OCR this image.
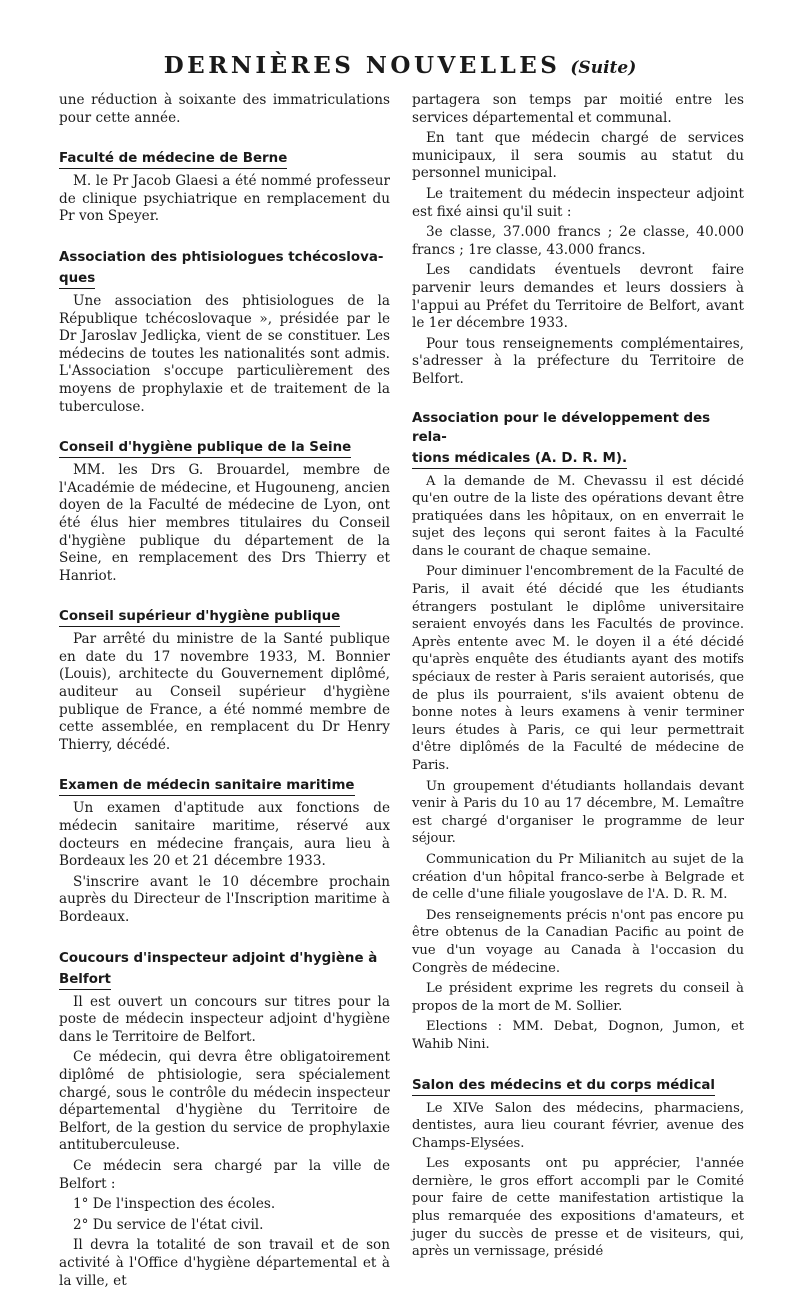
DERNIÈRES NOUVELLES (Suite)

une réduction à soixante des immatriculations pour cette année.

Faculté de médecine de Berne

M. le Pr Jacob Glaesi a été nommé professeur de clinique psychiatrique en remplacement du Pr von Speyer.

Association des phtisiologues tchécoslova-
ques

Une association des phtisiologues de la République tchécoslovaque », présidée par le Dr Jaroslav Jedliçka, vient de se constituer. Les médecins de toutes les nationalités sont admis. L'Association s'occupe particulièrement des moyens de prophylaxie et de traitement de la tuberculose.

Conseil d'hygiène publique de la Seine

MM. les Drs G. Brouardel, membre de l'Académie de médecine, et Hugouneng, ancien doyen de la Faculté de médecine de Lyon, ont été élus hier membres titulaires du Conseil d'hygiène publique du département de la Seine, en remplacement des Drs Thierry et Hanriot.

Conseil supérieur d'hygiène publique

Par arrêté du ministre de la Santé publique en date du 17 novembre 1933, M. Bonnier (Louis), architecte du Gouvernement diplômé, auditeur au Conseil supérieur d'hygiène publique de France, a été nommé membre de cette assemblée, en remplacent du Dr Henry Thierry, décédé.

Examen de médecin sanitaire maritime

Un examen d'aptitude aux fonctions de médecin sanitaire maritime, réservé aux docteurs en médecine français, aura lieu à Bordeaux les 20 et 21 décembre 1933.

S'inscrire avant le 10 décembre prochain auprès du Directeur de l'Inscription maritime à Bordeaux.

Coucours d'inspecteur adjoint d'hygiène à
Belfort

Il est ouvert un concours sur titres pour la poste de médecin inspecteur adjoint d'hygiène dans le Territoire de Belfort.

Ce médecin, qui devra être obligatoirement diplômé de phtisiologie, sera spécialement chargé, sous le contrôle du médecin inspecteur départemental d'hygiène du Territoire de Belfort, de la gestion du service de prophylaxie antituberculeuse.

Ce médecin sera chargé par la ville de Belfort :

1° De l'inspection des écoles.

2° Du service de l'état civil.

Il devra la totalité de son travail et de son activité à l'Office d'hygiène départemental et à la ville, et

partagera son temps par moitié entre les services départemental et communal.

En tant que médecin chargé de services municipaux, il sera soumis au statut du personnel municipal.

Le traitement du médecin inspecteur adjoint est fixé ainsi qu'il suit :

3e classe, 37.000 francs ; 2e classe, 40.000 francs ; 1re classe, 43.000 francs.

Les candidats éventuels devront faire parvenir leurs demandes et leurs dossiers à l'appui au Préfet du Territoire de Belfort, avant le 1er décembre 1933.

Pour tous renseignements complémentaires, s'adresser à la préfecture du Territoire de Belfort.

Association pour le développement des rela-
tions médicales (A. D. R. M).

A la demande de M. Chevassu il est décidé qu'en outre de la liste des opérations devant être pratiquées dans les hôpitaux, on en enverrait le sujet des leçons qui seront faites à la Faculté dans le courant de chaque semaine.

Pour diminuer l'encombrement de la Faculté de Paris, il avait été décidé que les étudiants étrangers postulant le diplôme universitaire seraient envoyés dans les Facultés de province. Après entente avec M. le doyen il a été décidé qu'après enquête des étudiants ayant des motifs spéciaux de rester à Paris seraient autorisés, que de plus ils pourraient, s'ils avaient obtenu de bonne notes à leurs examens à venir terminer leurs études à Paris, ce qui leur permettrait d'être diplômés de la Faculté de médecine de Paris.

Un groupement d'étudiants hollandais devant venir à Paris du 10 au 17 décembre, M. Lemaître est chargé d'organiser le programme de leur séjour.

Communication du Pr Milianitch au sujet de la création d'un hôpital franco-serbe à Belgrade et de celle d'une filiale yougoslave de l'A. D. R. M.

Des renseignements précis n'ont pas encore pu être obtenus de la Canadian Pacific au point de vue d'un voyage au Canada à l'occasion du Congrès de médecine.

Le président exprime les regrets du conseil à propos de la mort de M. Sollier.

Elections : MM. Debat, Dognon, Jumon, et Wahib Nini.

Salon des médecins et du corps médical

Le XIVe Salon des médecins, pharmaciens, dentistes, aura lieu courant février, avenue des Champs-Elysées.

Les exposants ont pu apprécier, l'année dernière, le gros effort accompli par le Comité pour faire de cette manifestation artistique la plus remarquée des expositions d'amateurs, et juger du succès de presse et de visiteurs, qui, après un vernissage, présidé
